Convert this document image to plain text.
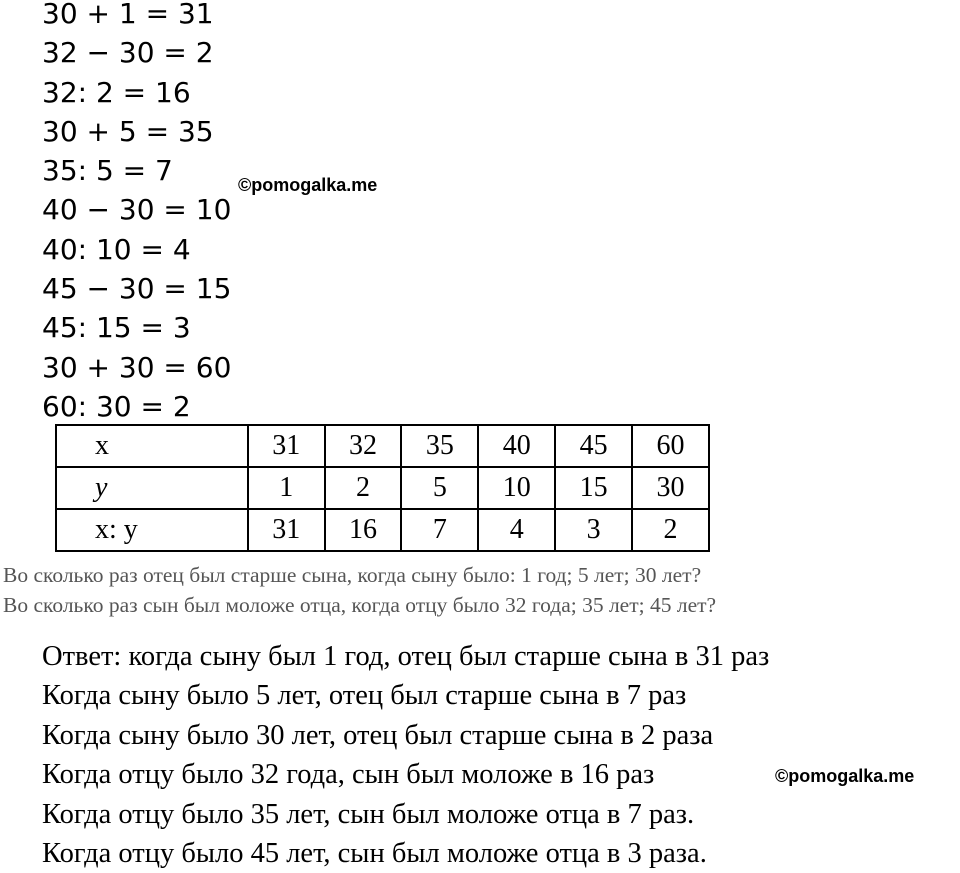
30 + 1 = 31
32 − 30 = 2
32: 2 = 16
30 + 5 = 35
35: 5 = 7
40 − 30 = 10
40: 10 = 4
45 − 30 = 15
45: 15 = 3
30 + 30 = 60
60: 30 = 2
©pomogalka.me
x	31	32	35	40	45	60
y	1	2	5	10	15	30
x: y	31	16	7	4	3	2
Во сколько раз отец был старше сына, когда сыну было: 1 год; 5 лет; 30 лет?
Во сколько раз сын был моложе отца, когда отцу было 32 года; 35 лет; 45 лет?
Ответ: когда сыну был 1 год, отец был старше сына в 31 раз
Когда сыну было 5 лет, отец был старше сына в 7 раз
Когда сыну было 30 лет, отец был старше сына в 2 раза
Когда отцу было 32 года, сын был моложе в 16 раз
Когда отцу было 35 лет, сын был моложе отца в 7 раз.
Когда отцу было 45 лет, сын был моложе отца в 3 раза.
©pomogalka.me
